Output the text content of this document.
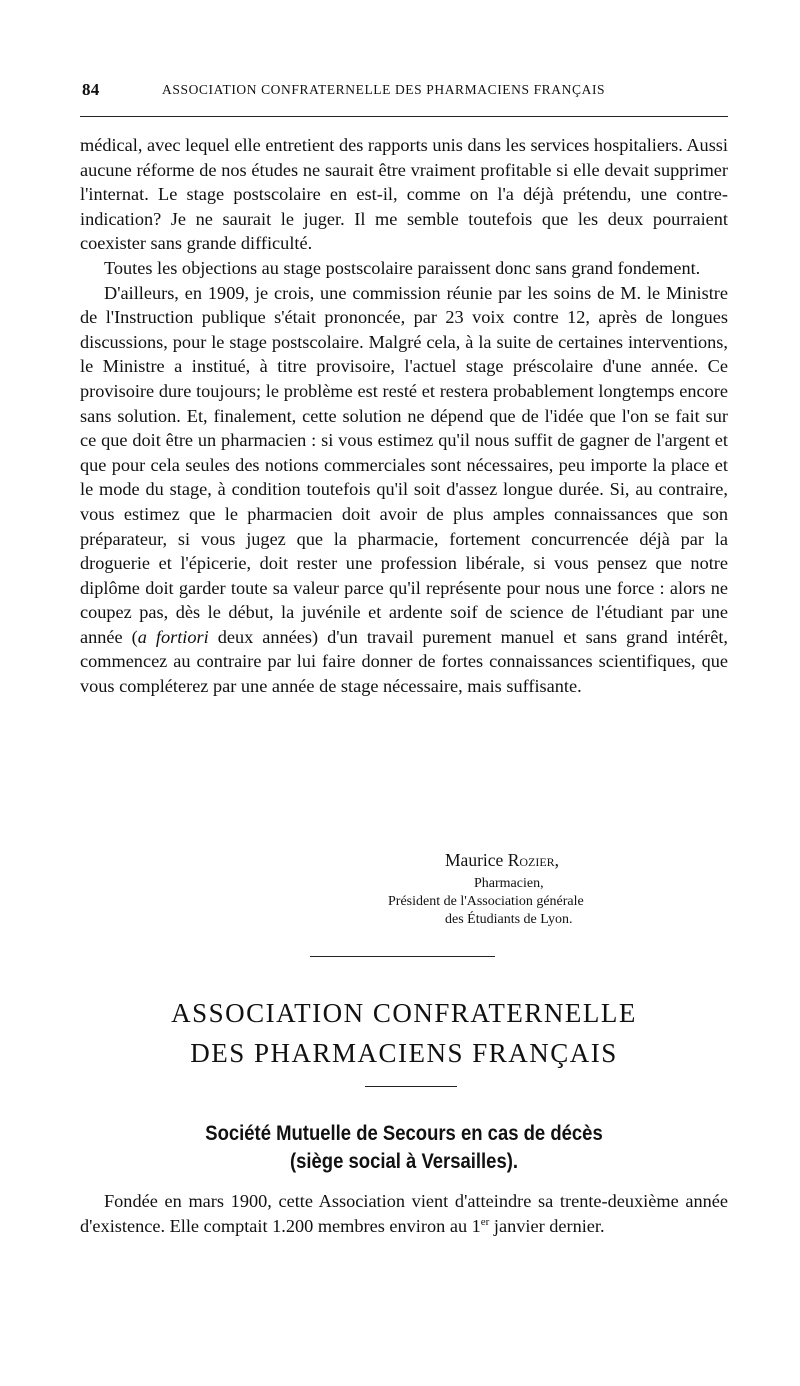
84	ASSOCIATION CONFRATERNELLE DES PHARMACIENS FRANÇAIS

médical, avec lequel elle entretient des rapports unis dans les services hospitaliers. Aussi aucune réforme de nos études ne saurait être vraiment profitable si elle devait supprimer l'internat. Le stage postscolaire en est-il, comme on l'a déjà prétendu, une contre-indication? Je ne saurait le juger. Il me semble toutefois que les deux pourraient coexister sans grande difficulté.

Toutes les objections au stage postscolaire paraissent donc sans grand fondement.

D'ailleurs, en 1909, je crois, une commission réunie par les soins de M. le Ministre de l'Instruction publique s'était prononcée, par 23 voix contre 12, après de longues discussions, pour le stage postscolaire. Malgré cela, à la suite de certaines interventions, le Ministre a institué, à titre provisoire, l'actuel stage préscolaire d'une année. Ce provisoire dure toujours; le problème est resté et restera probablement longtemps encore sans solution. Et, finalement, cette solution ne dépend que de l'idée que l'on se fait sur ce que doit être un pharmacien : si vous estimez qu'il nous suffit de gagner de l'argent et que pour cela seules des notions commerciales sont nécessaires, peu importe la place et le mode du stage, à condition toutefois qu'il soit d'assez longue durée. Si, au contraire, vous estimez que le pharmacien doit avoir de plus amples connaissances que son préparateur, si vous jugez que la pharmacie, fortement concurrencée déjà par la droguerie et l'épicerie, doit rester une profession libérale, si vous pensez que notre diplôme doit garder toute sa valeur parce qu'il représente pour nous une force : alors ne coupez pas, dès le début, la juvénile et ardente soif de science de l'étudiant par une année (a fortiori deux années) d'un travail purement manuel et sans grand intérêt, commencez au contraire par lui faire donner de fortes connaissances scientifiques, que vous compléterez par une année de stage nécessaire, mais suffisante.

Maurice Rozier,
Pharmacien,
Président de l'Association générale
des Étudiants de Lyon.
ASSOCIATION CONFRATERNELLE
DES PHARMACIENS FRANÇAIS
Société Mutuelle de Secours en cas de décès
(siège social à Versailles).

Fondée en mars 1900, cette Association vient d'atteindre sa trente-deuxième année d'existence. Elle comptait 1.200 membres environ au 1er janvier dernier.
